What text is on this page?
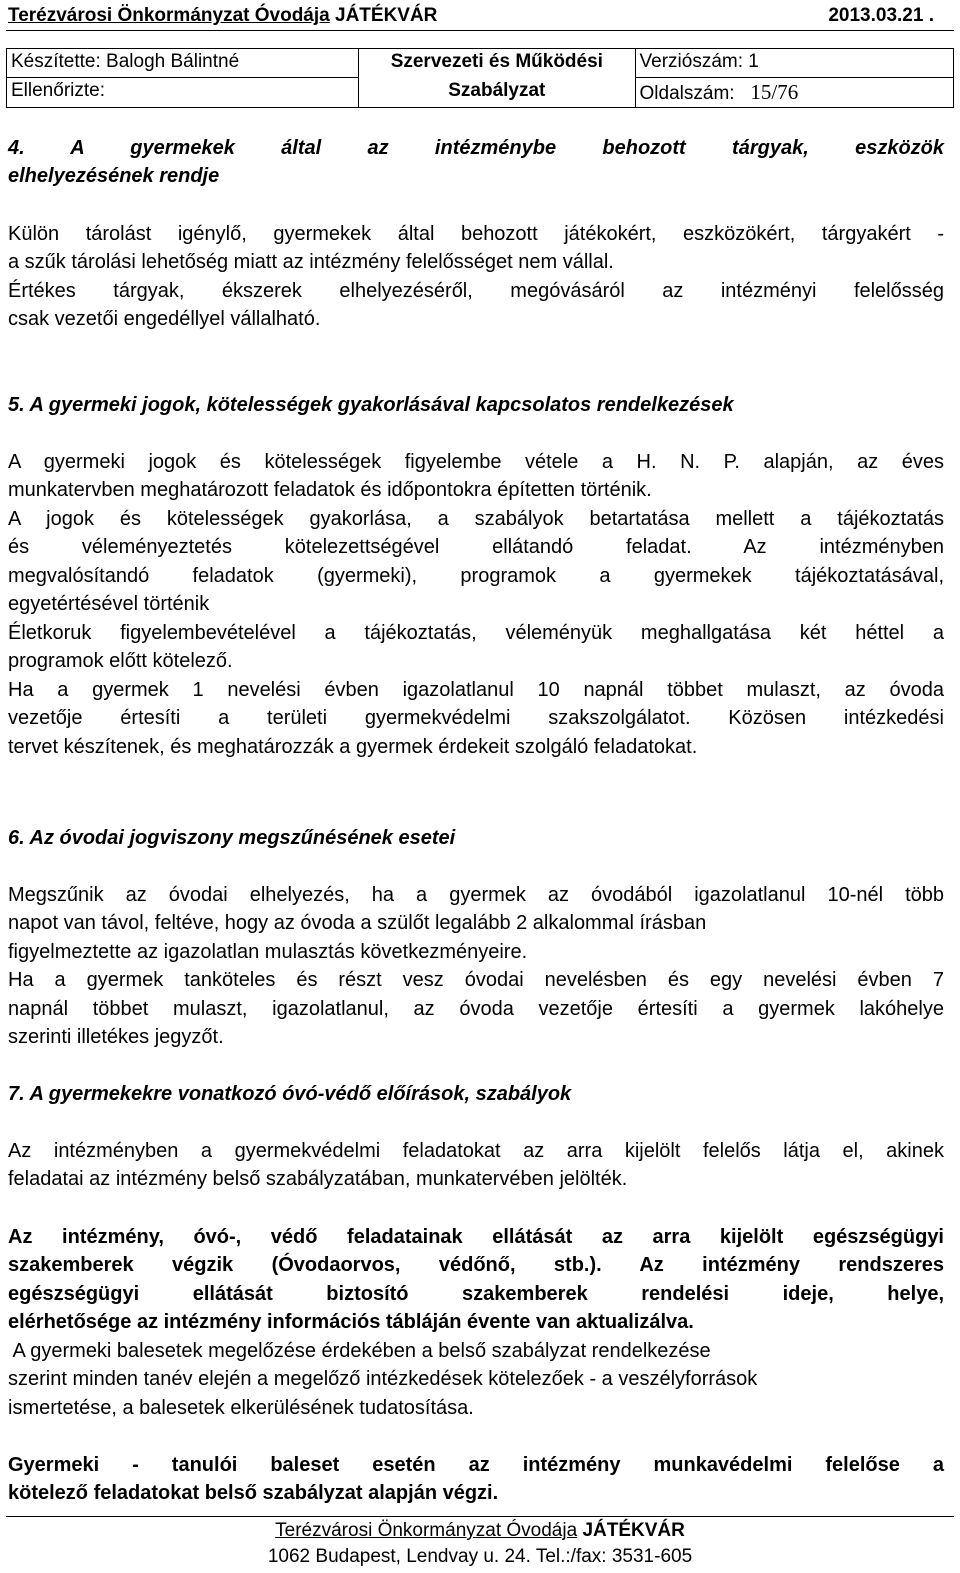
Terézvárosi Önkormányzat Óvodája JÁTÉKVÁR	2013.03.21 .
Készítette: Balogh Bálintné	Szervezeti és Működési	Verziószám: 1
Ellenőrizte:	Szabályzat	Oldalszám: 15/76
4. A gyermekek által az intézménybe behozott tárgyak, eszközök
elhelyezésének rendje
Külön tárolást igénylő, gyermekek által behozott játékokért, eszközökért, tárgyakért -
a szűk tárolási lehetőség miatt az intézmény felelősséget nem vállal.
Értékes tárgyak, ékszerek elhelyezéséről, megóvásáról az intézményi felelősség
csak vezetői engedéllyel vállalható.
5. A gyermeki jogok, kötelességek gyakorlásával kapcsolatos rendelkezések
A gyermeki jogok és kötelességek figyelembe vétele a H. N. P. alapján, az éves
munkatervben meghatározott feladatok és időpontokra építetten történik.
A jogok és kötelességek gyakorlása, a szabályok betartatása mellett a tájékoztatás
és véleményeztetés kötelezettségével ellátandó feladat. Az intézményben
megvalósítandó feladatok (gyermeki), programok a gyermekek tájékoztatásával,
egyetértésével történik
Életkoruk figyelembevételével a tájékoztatás, véleményük meghallgatása két héttel a
programok előtt kötelező.
Ha a gyermek 1 nevelési évben igazolatlanul 10 napnál többet mulaszt, az óvoda
vezetője értesíti a területi gyermekvédelmi szakszolgálatot. Közösen intézkedési
tervet készítenek, és meghatározzák a gyermek érdekeit szolgáló feladatokat.
6. Az óvodai jogviszony megszűnésének esetei
Megszűnik az óvodai elhelyezés, ha a gyermek az óvodából igazolatlanul 10-nél több
napot van távol, feltéve, hogy az óvoda a szülőt legalább 2 alkalommal írásban
figyelmeztette az igazolatlan mulasztás következményeire.
Ha a gyermek tanköteles és részt vesz óvodai nevelésben és egy nevelési évben 7
napnál többet mulaszt, igazolatlanul, az óvoda vezetője értesíti a gyermek lakóhelye
szerinti illetékes jegyzőt.
7. A gyermekekre vonatkozó óvó-védő előírások, szabályok
Az intézményben a gyermekvédelmi feladatokat az arra kijelölt felelős látja el, akinek
feladatai az intézmény belső szabályzatában, munkatervében jelölték.
Az intézmény, óvó-, védő feladatainak ellátását az arra kijelölt egészségügyi
szakemberek végzik (Óvodaorvos, védőnő, stb.). Az intézmény rendszeres
egészségügyi ellátását biztosító szakemberek rendelési ideje, helye,
elérhetősége az intézmény információs tábláján évente van aktualizálva.
A gyermeki balesetek megelőzése érdekében a belső szabályzat rendelkezése
szerint minden tanév elején a megelőző intézkedések kötelezőek - a veszélyforrások
ismertetése, a balesetek elkerülésének tudatosítása.
Gyermeki - tanulói baleset esetén az intézmény munkavédelmi felelőse a
kötelező feladatokat belső szabályzat alapján végzi.
Terézvárosi Önkormányzat Óvodája JÁTÉKVÁR
1062 Budapest, Lendvay u. 24. Tel.:/fax: 3531-605
